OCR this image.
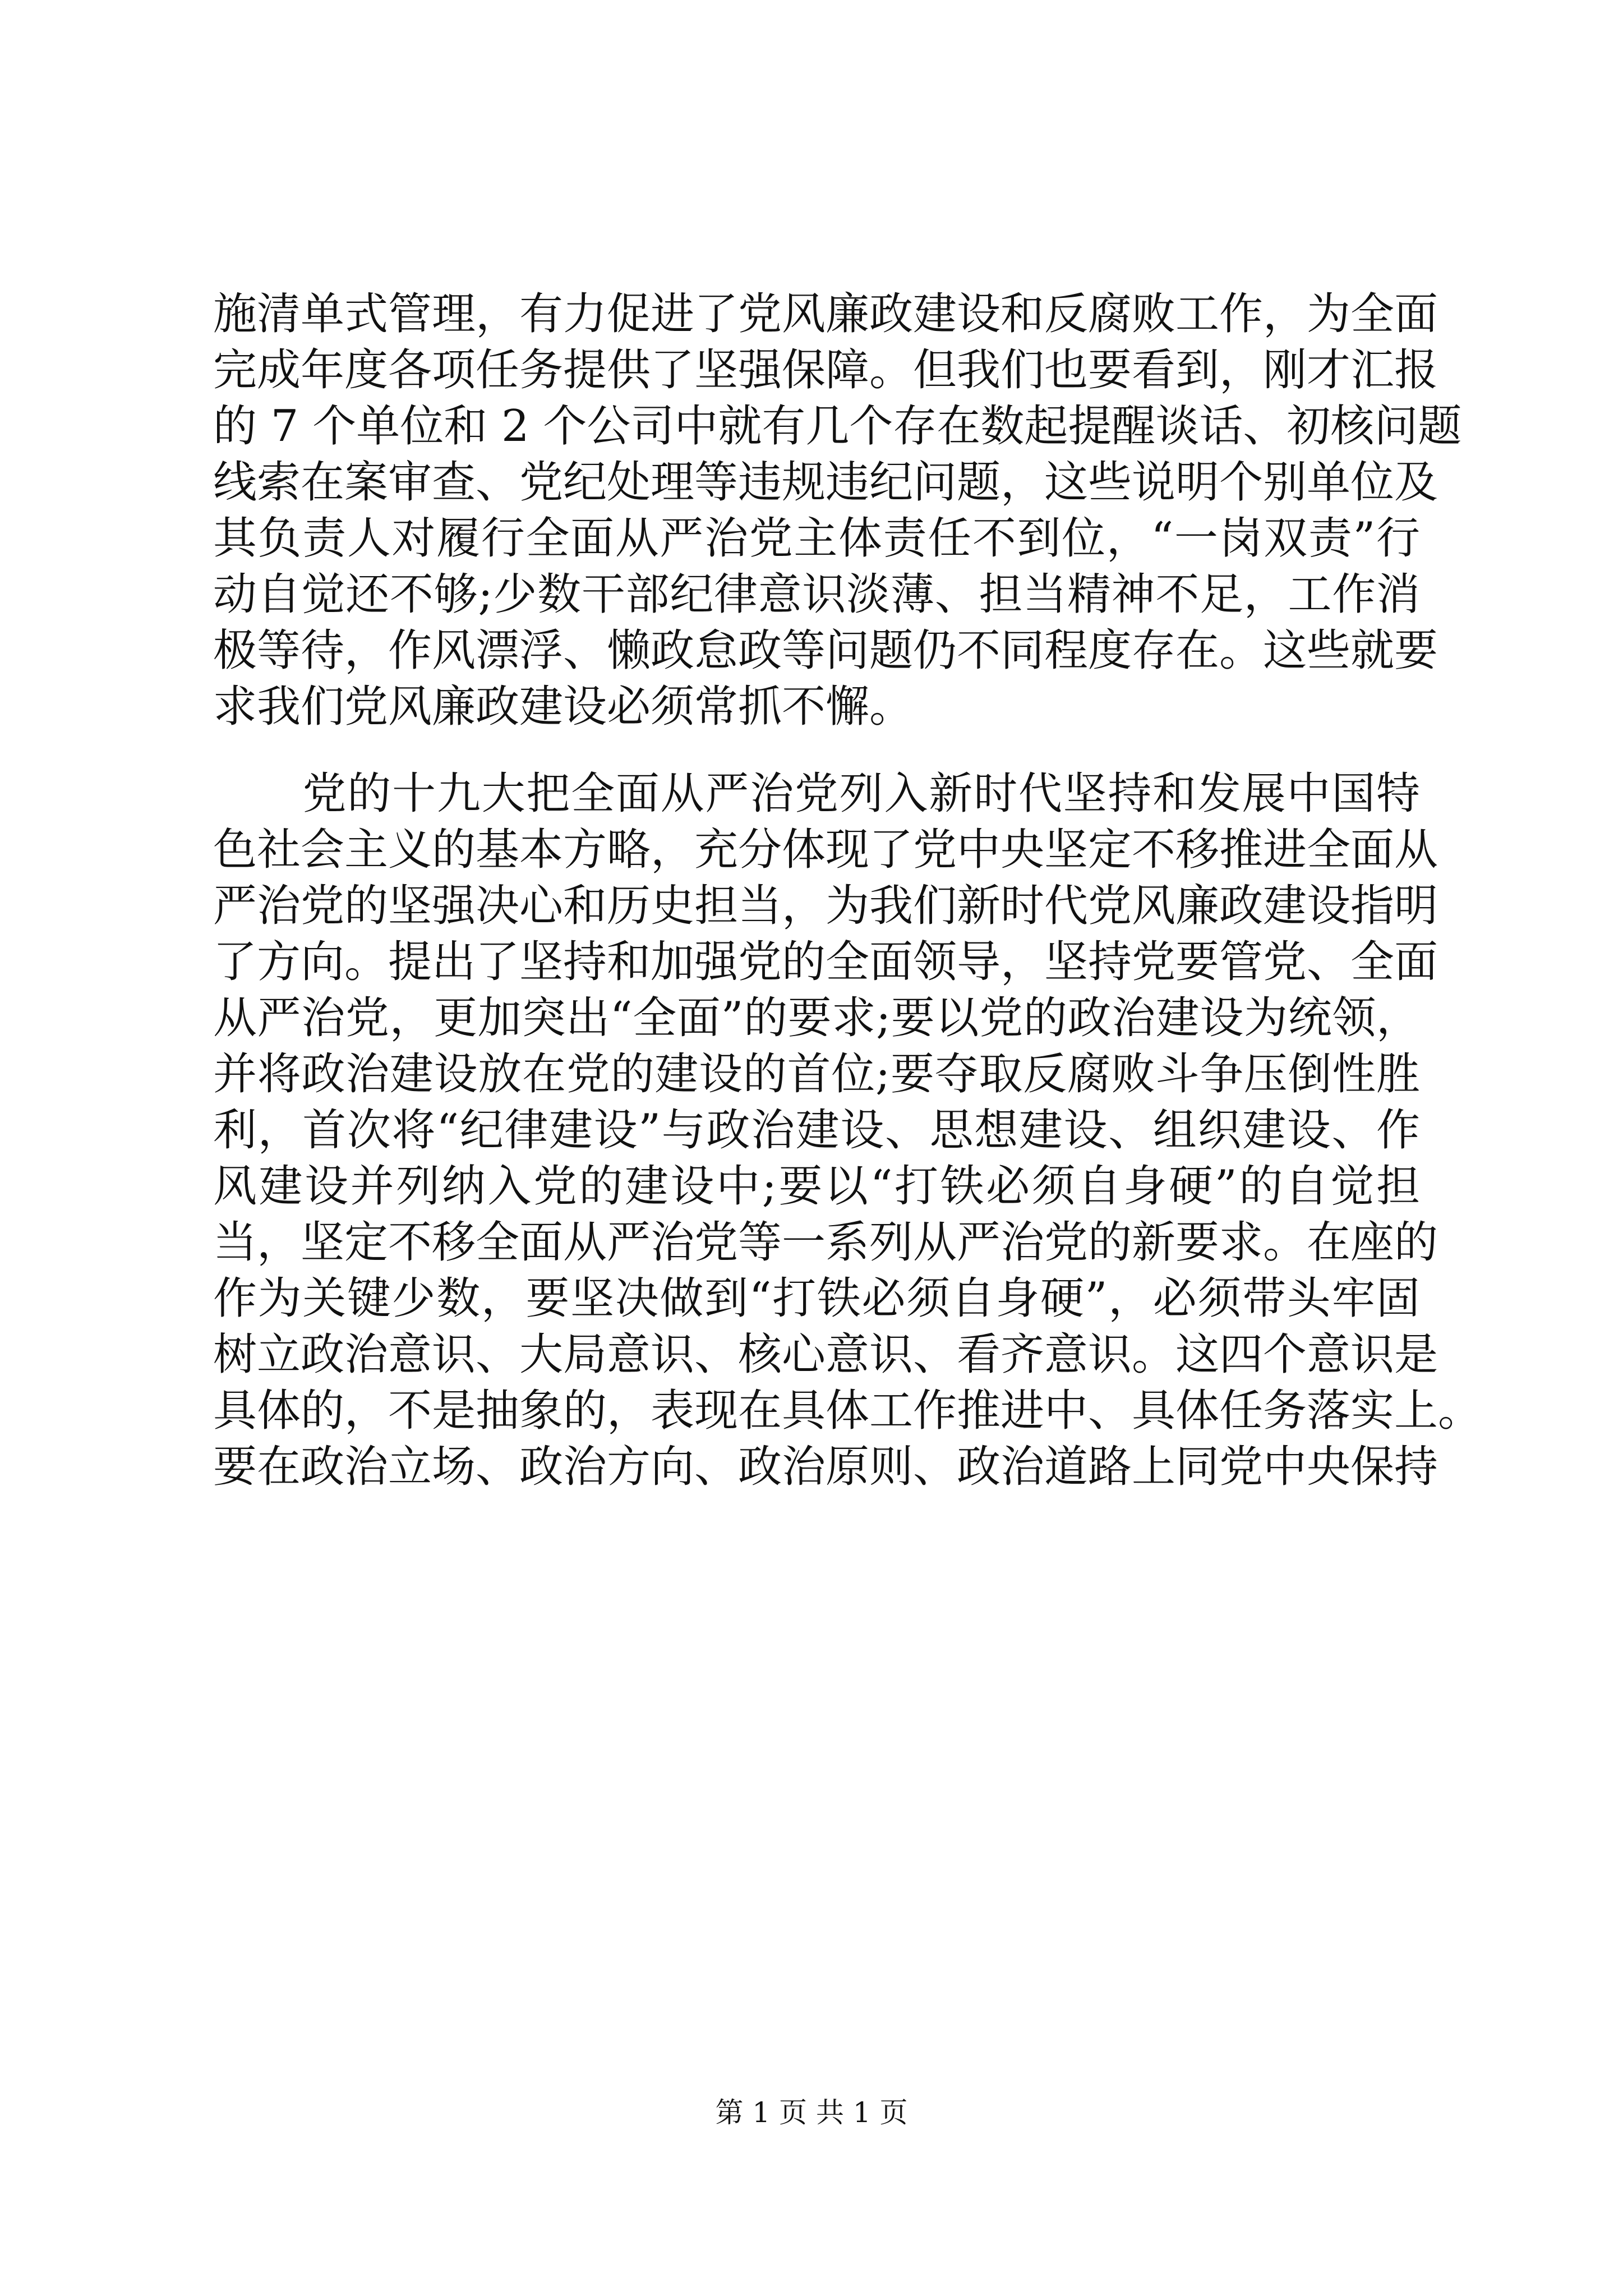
施清单式管理，有力促进了党风廉政建设和反腐败工作，为全面
完成年度各项任务提供了坚强保障。但我们也要看到，刚才汇报
的 7 个单位和 2 个公司中就有几个存在数起提醒谈话、初核问题
线索在案审查、党纪处理等违规违纪问题，这些说明个别单位及
其负责人对履行全面从严治党主体责任不到位，“一岗双责”行
动自觉还不够;少数干部纪律意识淡薄、担当精神不足，工作消
极等待，作风漂浮、懒政怠政等问题仍不同程度存在。这些就要
求我们党风廉政建设必须常抓不懈。
　　党的十九大把全面从严治党列入新时代坚持和发展中国特
色社会主义的基本方略，充分体现了党中央坚定不移推进全面从
严治党的坚强决心和历史担当，为我们新时代党风廉政建设指明
了方向。提出了坚持和加强党的全面领导，坚持党要管党、全面
从严治党，更加突出“全面”的要求;要以党的政治建设为统领，
并将政治建设放在党的建设的首位;要夺取反腐败斗争压倒性胜
利，首次将“纪律建设”与政治建设、思想建设、组织建设、作
风建设并列纳入党的建设中;要以“打铁必须自身硬”的自觉担
当，坚定不移全面从严治党等一系列从严治党的新要求。在座的
作为关键少数，要坚决做到“打铁必须自身硬”，必须带头牢固
树立政治意识、大局意识、核心意识、看齐意识。这四个意识是
具体的，不是抽象的，表现在具体工作推进中、具体任务落实上。
要在政治立场、政治方向、政治原则、政治道路上同党中央保持
第 1 页 共 1 页
